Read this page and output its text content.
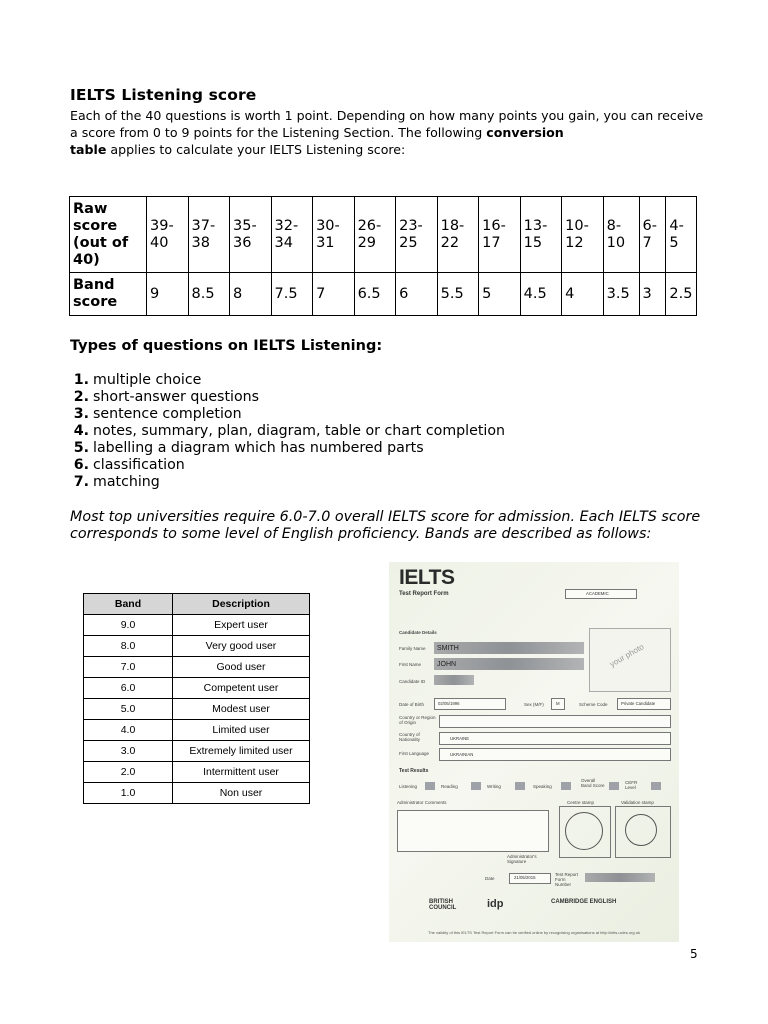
IELTS Listening score
Each of the 40 questions is worth 1 point. Depending on how many points you gain, you can receive a score from 0 to 9 points for the Listening Section. The following conversion
table applies to calculate your IELTS Listening score:
Raw score (out of 40)	39-40	37-38	35-36	32-34	30-31	26-29	23-25	18-22	16-17	13-15	10-12	8-10	6-7	4-5
Band score	9	8.5	8	7.5	7	6.5	6	5.5	5	4.5	4	3.5	3	2.5
Types of questions on IELTS Listening:
1. multiple choice
2. short-answer questions
3. sentence completion
4. notes, summary, plan, diagram, table or chart completion
5. labelling a diagram which has numbered parts
6. classification
7. matching
Most top universities require 6.0-7.0 overall IELTS score for admission. Each IELTS score corresponds to some level of English proficiency. Bands are described as follows:
Band	Description
9.0	Expert user
8.0	Very good user
7.0	Good user
6.0	Competent user
5.0	Modest user
4.0	Limited user
3.0	Extremely limited user
2.0	Intermittent user
1.0	Non user
IELTS
Test Report Form	ACADEMIC
Candidate Details
Family Name SMITH
First Name JOHN
Candidate ID
your photo
Date of Birth	02/05/1996	Sex (M/F)	M	Scheme Code	Private Candidate
Country or Region of Origin
Country of Nationality	UKRAINE
First Language	UKRAINIAN
Test Results
Listening	Reading	Writing	Speaking
Overall Band Score
CEFR Level
Administrator Comments	Centre stamp	Validation stamp
Administrator's Signature
Date	21/05/2015
Test Report Form Number
BRITISH COUNCIL	idp	CAMBRIDGE ENGLISH
The validity of this IELTS Test Report Form can be verified online by recognising organisations at http://ielts.ucles.org.uk
5
